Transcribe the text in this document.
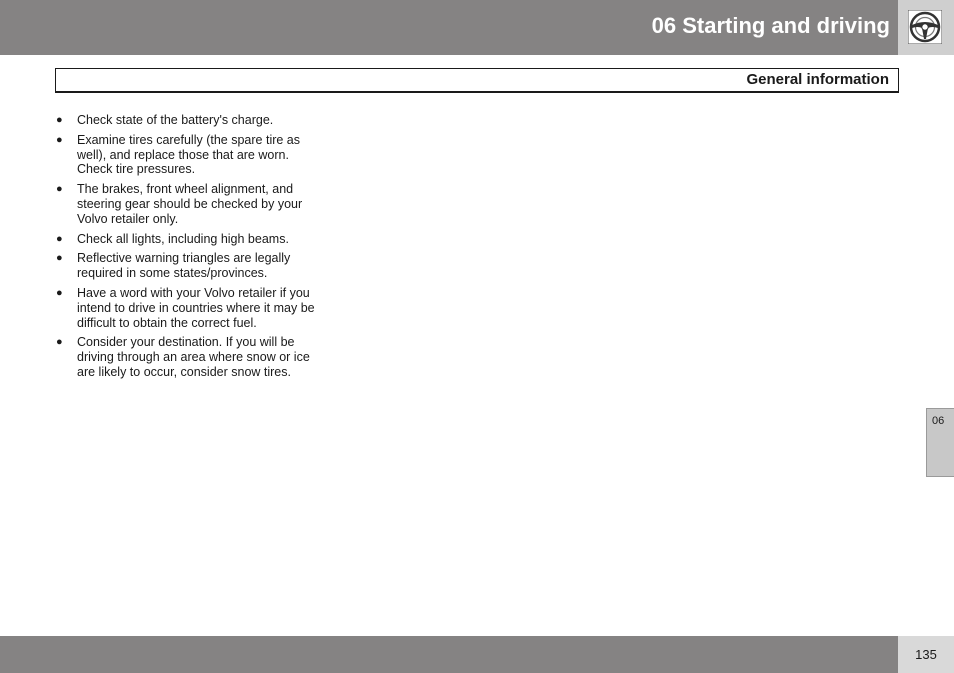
06 Starting and driving
General information
● Check state of the battery's charge.
● Examine tires carefully (the spare tire as well), and replace those that are worn. Check tire pressures.
● The brakes, front wheel alignment, and steering gear should be checked by your Volvo retailer only.
● Check all lights, including high beams.
● Reflective warning triangles are legally required in some states/provinces.
● Have a word with your Volvo retailer if you intend to drive in countries where it may be difficult to obtain the correct fuel.
● Consider your destination. If you will be driving through an area where snow or ice are likely to occur, consider snow tires.
06
135
